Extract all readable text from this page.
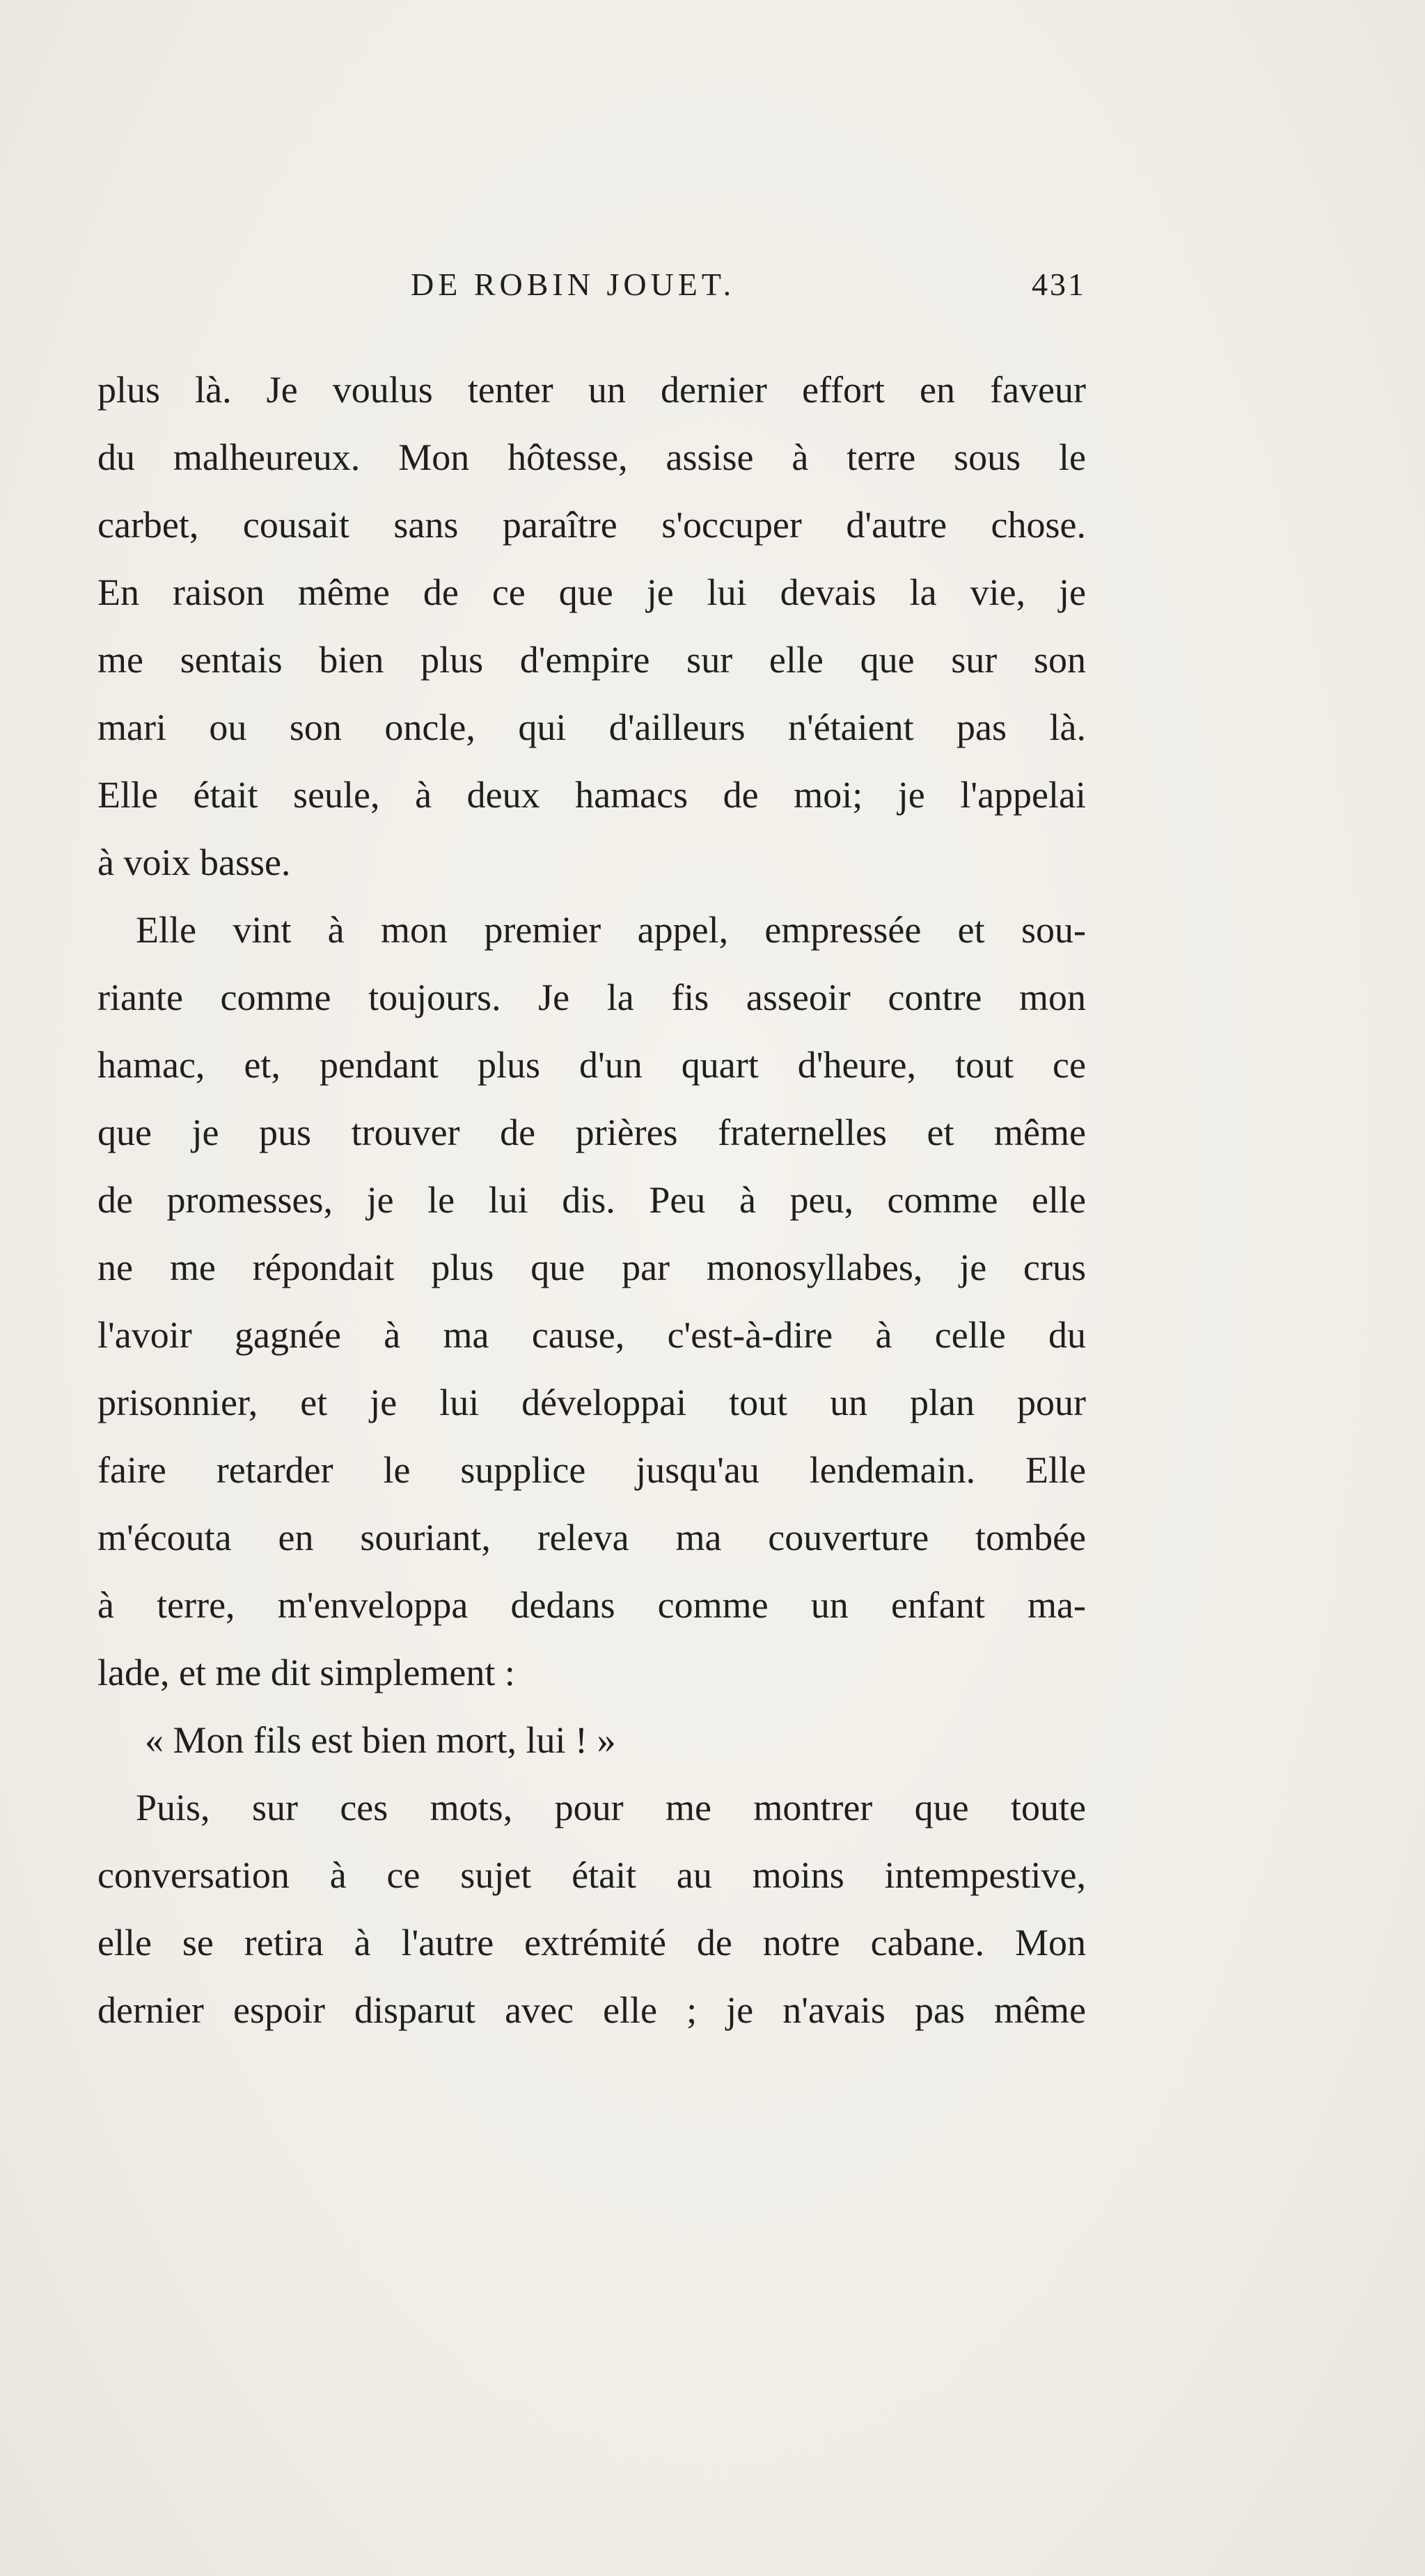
DE ROBIN JOUET.	431
plus là. Je voulus tenter un dernier effort en faveur
du malheureux. Mon hôtesse, assise à terre sous le
carbet, cousait sans paraître s'occuper d'autre chose.
En raison même de ce que je lui devais la vie, je
me sentais bien plus d'empire sur elle que sur son
mari ou son oncle, qui d'ailleurs n'étaient pas là.
Elle était seule, à deux hamacs de moi; je l'appelai
à voix basse.
Elle vint à mon premier appel, empressée et sou-
riante comme toujours. Je la fis asseoir contre mon
hamac, et, pendant plus d'un quart d'heure, tout ce
que je pus trouver de prières fraternelles et même
de promesses, je le lui dis. Peu à peu, comme elle
ne me répondait plus que par monosyllabes, je crus
l'avoir gagnée à ma cause, c'est-à-dire à celle du
prisonnier, et je lui développai tout un plan pour
faire retarder le supplice jusqu'au lendemain. Elle
m'écouta en souriant, releva ma couverture tombée
à terre, m'enveloppa dedans comme un enfant ma-
lade, et me dit simplement :
« Mon fils est bien mort, lui ! »
Puis, sur ces mots, pour me montrer que toute
conversation à ce sujet était au moins intempestive,
elle se retira à l'autre extrémité de notre cabane. Mon
dernier espoir disparut avec elle ; je n'avais pas même
